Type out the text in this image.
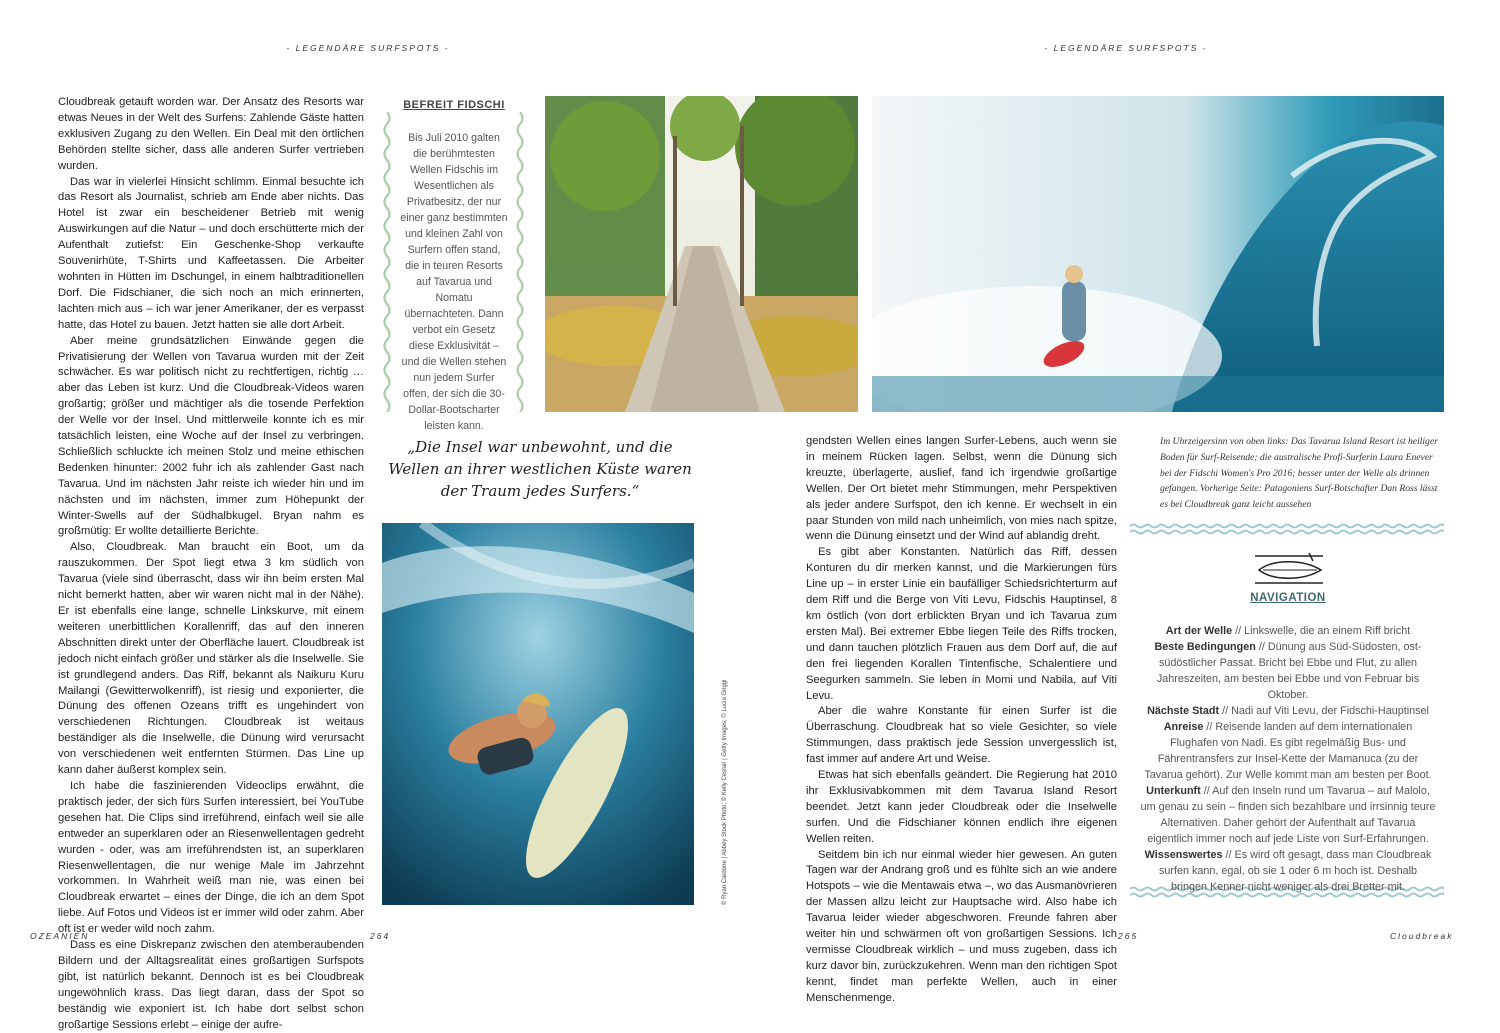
- LEGENDÄRE SURFSPOTS -	- LEGENDÄRE SURFSPOTS -

Cloudbreak getauft worden war. Der Ansatz des Resorts war etwas Neues in der Welt des Surfens: Zahlende Gäste hatten exklusiven Zugang zu den Wellen. Ein Deal mit den örtlichen Behörden stellte sicher, dass alle anderen Surfer vertrieben wurden.

Das war in vielerlei Hinsicht schlimm. Einmal besuchte ich das Resort als Journalist, schrieb am Ende aber nichts. Das Hotel ist zwar ein bescheidener Betrieb mit wenig Auswirkungen auf die Natur – und doch erschütterte mich der Aufenthalt zutiefst: Ein Geschenke-Shop verkaufte Souvenirhüte, T-Shirts und Kaffeetassen. Die Arbeiter wohnten in Hütten im Dschungel, in einem halbtraditionellen Dorf. Die Fidschianer, die sich noch an mich erinnerten, lachten mich aus – ich war jener Amerikaner, der es verpasst hatte, das Hotel zu bauen. Jetzt hatten sie alle dort Arbeit.

Aber meine grundsätzlichen Einwände gegen die Privatisierung der Wellen von Tavarua wurden mit der Zeit schwächer. Es war politisch nicht zu rechtfertigen, richtig … aber das Leben ist kurz. Und die Cloudbreak-Videos waren großartig; größer und mächtiger als die tosende Perfektion der Welle vor der Insel. Und mittlerweile konnte ich es mir tatsächlich leisten, eine Woche auf der Insel zu verbringen. Schließlich schluckte ich meinen Stolz und meine ethischen Bedenken hinunter: 2002 fuhr ich als zahlender Gast nach Tavarua. Und im nächsten Jahr reiste ich wieder hin und im nächsten und im nächsten, immer zum Höhepunkt der Winter-Swells auf der Südhalbkugel. Bryan nahm es großmütig: Er wollte detaillierte Berichte.

Also, Cloudbreak. Man braucht ein Boot, um da rauszukommen. Der Spot liegt etwa 3 km südlich von Tavarua (viele sind überrascht, dass wir ihn beim ersten Mal nicht bemerkt hatten, aber wir waren nicht mal in der Nähe). Er ist ebenfalls eine lange, schnelle Linkskurve, mit einem weiteren unerbittlichen Korallenriff, das auf den inneren Abschnitten direkt unter der Oberfläche lauert. Cloudbreak ist jedoch nicht einfach größer und stärker als die Inselwelle. Sie ist grundlegend anders. Das Riff, bekannt als Naikuru Kuru Mailangi (Gewitterwolkenriff), ist riesig und exponierter, die Dünung des offenen Ozeans trifft es ungehindert von verschiedenen Richtungen. Cloudbreak ist weitaus beständiger als die Inselwelle, die Dünung wird verursacht von verschiedenen weit entfernten Stürmen. Das Line up kann daher äußerst komplex sein.

Ich habe die faszinierenden Videoclips erwähnt, die praktisch jeder, der sich fürs Surfen interessiert, bei YouTube gesehen hat. Die Clips sind irreführend, einfach weil sie alle entweder an superklaren oder an Riesenwellentagen gedreht wurden - oder, was am irreführendsten ist, an superklaren Riesenwellentagen, die nur wenige Male im Jahrzehnt vorkommen. In Wahrheit weiß man nie, was einen bei Cloudbreak erwartet – eines der Dinge, die ich an dem Spot liebe. Auf Fotos und Videos ist er immer wild oder zahm. Aber oft ist er weder wild noch zahm.

Dass es eine Diskrepanz zwischen den atemberaubenden Bildern und der Alltagsrealität eines großartigen Surfspots gibt, ist natürlich bekannt. Dennoch ist es bei Cloudbreak ungewöhnlich krass. Das liegt daran, dass der Spot so beständig wie exponiert ist. Ich habe dort selbst schon großartige Sessions erlebt – einige der aufre-

BEFREIT FIDSCHI
Bis Juli 2010 galten die berühmtesten Wellen Fidschis im Wesentlichen als Privatbesitz, der nur einer ganz bestimmten und kleinen Zahl von Surfern offen stand, die in teuren Resorts auf Tavarua und Nomatu übernachteten. Dann verbot ein Gesetz diese Exklusivität – und die Wellen stehen nun jedem Surfer offen, der sich die 30-Dollar-Bootscharter leisten kann.
„Die Insel war unbewohnt, und die Wellen an ihrer westlichen Küste waren der Traum jedes Surfers.“
© Ryan Cardone | Abbey Stock Photo; © Kelly Cestari | Getty Images; © Lucia Griggi

gendsten Wellen eines langen Surfer-Lebens, auch wenn sie in meinem Rücken lagen. Selbst, wenn die Dünung sich kreuzte, überlagerte, auslief, fand ich irgendwie großartige Wellen. Der Ort bietet mehr Stimmungen, mehr Perspektiven als jeder andere Surfspot, den ich kenne. Er wechselt in ein paar Stunden von mild nach unheimlich, von mies nach spitze, wenn die Dünung einsetzt und der Wind auf ablandig dreht.

Es gibt aber Konstanten. Natürlich das Riff, dessen Konturen du dir merken kannst, und die Markierungen fürs Line up – in erster Linie ein baufälliger Schiedsrichterturm auf dem Riff und die Berge von Viti Levu, Fidschis Hauptinsel, 8 km östlich (von dort erblickten Bryan und ich Tavarua zum ersten Mal). Bei extremer Ebbe liegen Teile des Riffs trocken, und dann tauchen plötzlich Frauen aus dem Dorf auf, die auf den frei liegenden Korallen Tintenfische, Schalentiere und Seegurken sammeln. Sie leben in Momi und Nabila, auf Viti Levu.

Aber die wahre Konstante für einen Surfer ist die Überraschung. Cloudbreak hat so viele Gesichter, so viele Stimmungen, dass praktisch jede Session unvergesslich ist, fast immer auf andere Art und Weise.

Etwas hat sich ebenfalls geändert. Die Regierung hat 2010 ihr Exklusivabkommen mit dem Tavarua Island Resort beendet. Jetzt kann jeder Cloudbreak oder die Inselwelle surfen. Und die Fidschianer können endlich ihre eigenen Wellen reiten.

Seitdem bin ich nur einmal wieder hier gewesen. An guten Tagen war der Andrang groß und es fühlte sich an wie andere Hotspots – wie die Mentawais etwa –, wo das Ausmanövrieren der Massen allzu leicht zur Hauptsache wird. Also habe ich Tavarua leider wieder abgeschworen. Freunde fahren aber weiter hin und schwärmen oft von großartigen Sessions. Ich vermisse Cloudbreak wirklich – und muss zugeben, dass ich kurz davor bin, zurückzukehren. Wenn man den richtigen Spot kennt, findet man perfekte Wellen, auch in einer Menschenmenge.

Im Uhrzeigersinn von oben links: Das Tavarua Island Resort ist heiliger Boden für Surf-Reisende; die australische Profi-Surferin Laura Enever bei der Fidschi Women's Pro 2016; besser unter der Welle als drinnen gefangen. Vorherige Seite: Patagoniens Surf-Botschafter Dan Ross lässt es bei Cloudbreak ganz leicht aussehen
NAVIGATION
Art der Welle // Linkswelle, die an einem Riff bricht
Beste Bedingungen // Dünung aus Süd-Südosten, ost-südöstlicher Passat. Bricht bei Ebbe und Flut, zu allen Jahreszeiten, am besten bei Ebbe und von Februar bis Oktober.
Nächste Stadt // Nadi auf Viti Levu, der Fidschi-Hauptinsel
Anreise // Reisende landen auf dem internationalen Flughafen von Nadi. Es gibt regelmäßig Bus- und Fährentransfers zur Insel-Kette der Mamanuca (zu der Tavarua gehört). Zur Welle kommt man am besten per Boot.
Unterkunft // Auf den Inseln rund um Tavarua – auf Malolo, um genau zu sein – finden sich bezahlbare und irrsinnig teure Alternativen. Daher gehört der Aufenthalt auf Tavarua eigentlich immer noch auf jede Liste von Surf-Erfahrungen.
Wissenswertes // Es wird oft gesagt, dass man Cloudbreak surfen kann, egal, ob sie 1 oder 6 m hoch ist. Deshalb bringen Kenner nicht weniger als drei Bretter mit.
OZEANIEN	264	265	Cloudbreak
